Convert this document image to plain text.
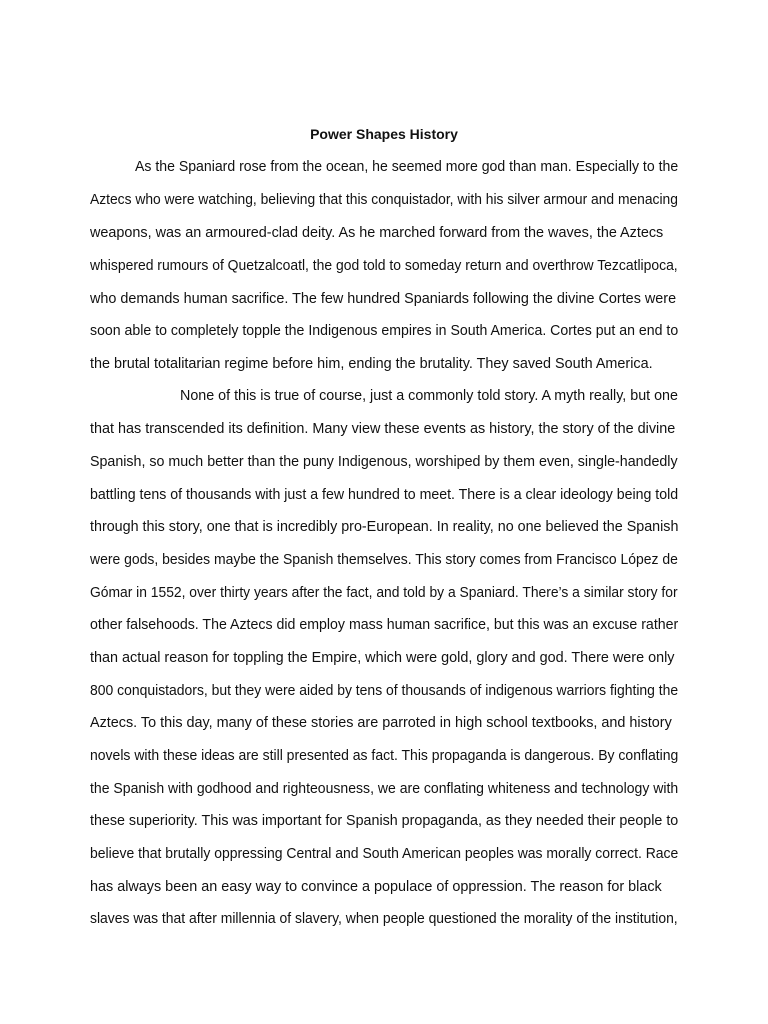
Power Shapes History
As the Spaniard rose from the ocean, he seemed more god than man. Especially to the
Aztecs who were watching, believing that this conquistador, with his silver armour and menacing
weapons, was an armoured-clad deity. As he marched forward from the waves, the Aztecs
whispered rumours of Quetzalcoatl, the god told to someday return and overthrow Tezcatlipoca,
who demands human sacrifice. The few hundred Spaniards following the divine Cortes were
soon able to completely topple the Indigenous empires in South America. Cortes put an end to
the brutal totalitarian regime before him, ending the brutality. They saved South America.
None of this is true of course, just a commonly told story. A myth really, but one
that has transcended its definition. Many view these events as history, the story of the divine
Spanish, so much better than the puny Indigenous, worshiped by them even, single-handedly
battling tens of thousands with just a few hundred to meet. There is a clear ideology being told
through this story, one that is incredibly pro-European. In reality, no one believed the Spanish
were gods, besides maybe the Spanish themselves. This story comes from Francisco López de
Gómar in 1552, over thirty years after the fact, and told by a Spaniard. There’s a similar story for
other falsehoods. The Aztecs did employ mass human sacrifice, but this was an excuse rather
than actual reason for toppling the Empire, which were gold, glory and god. There were only
800 conquistadors, but they were aided by tens of thousands of indigenous warriors fighting the
Aztecs. To this day, many of these stories are parroted in high school textbooks, and history
novels with these ideas are still presented as fact. This propaganda is dangerous. By conflating
the Spanish with godhood and righteousness, we are conflating whiteness and technology with
these superiority. This was important for Spanish propaganda, as they needed their people to
believe that brutally oppressing Central and South American peoples was morally correct. Race
has always been an easy way to convince a populace of oppression. The reason for black
slaves was that after millennia of slavery, when people questioned the morality of the institution,
